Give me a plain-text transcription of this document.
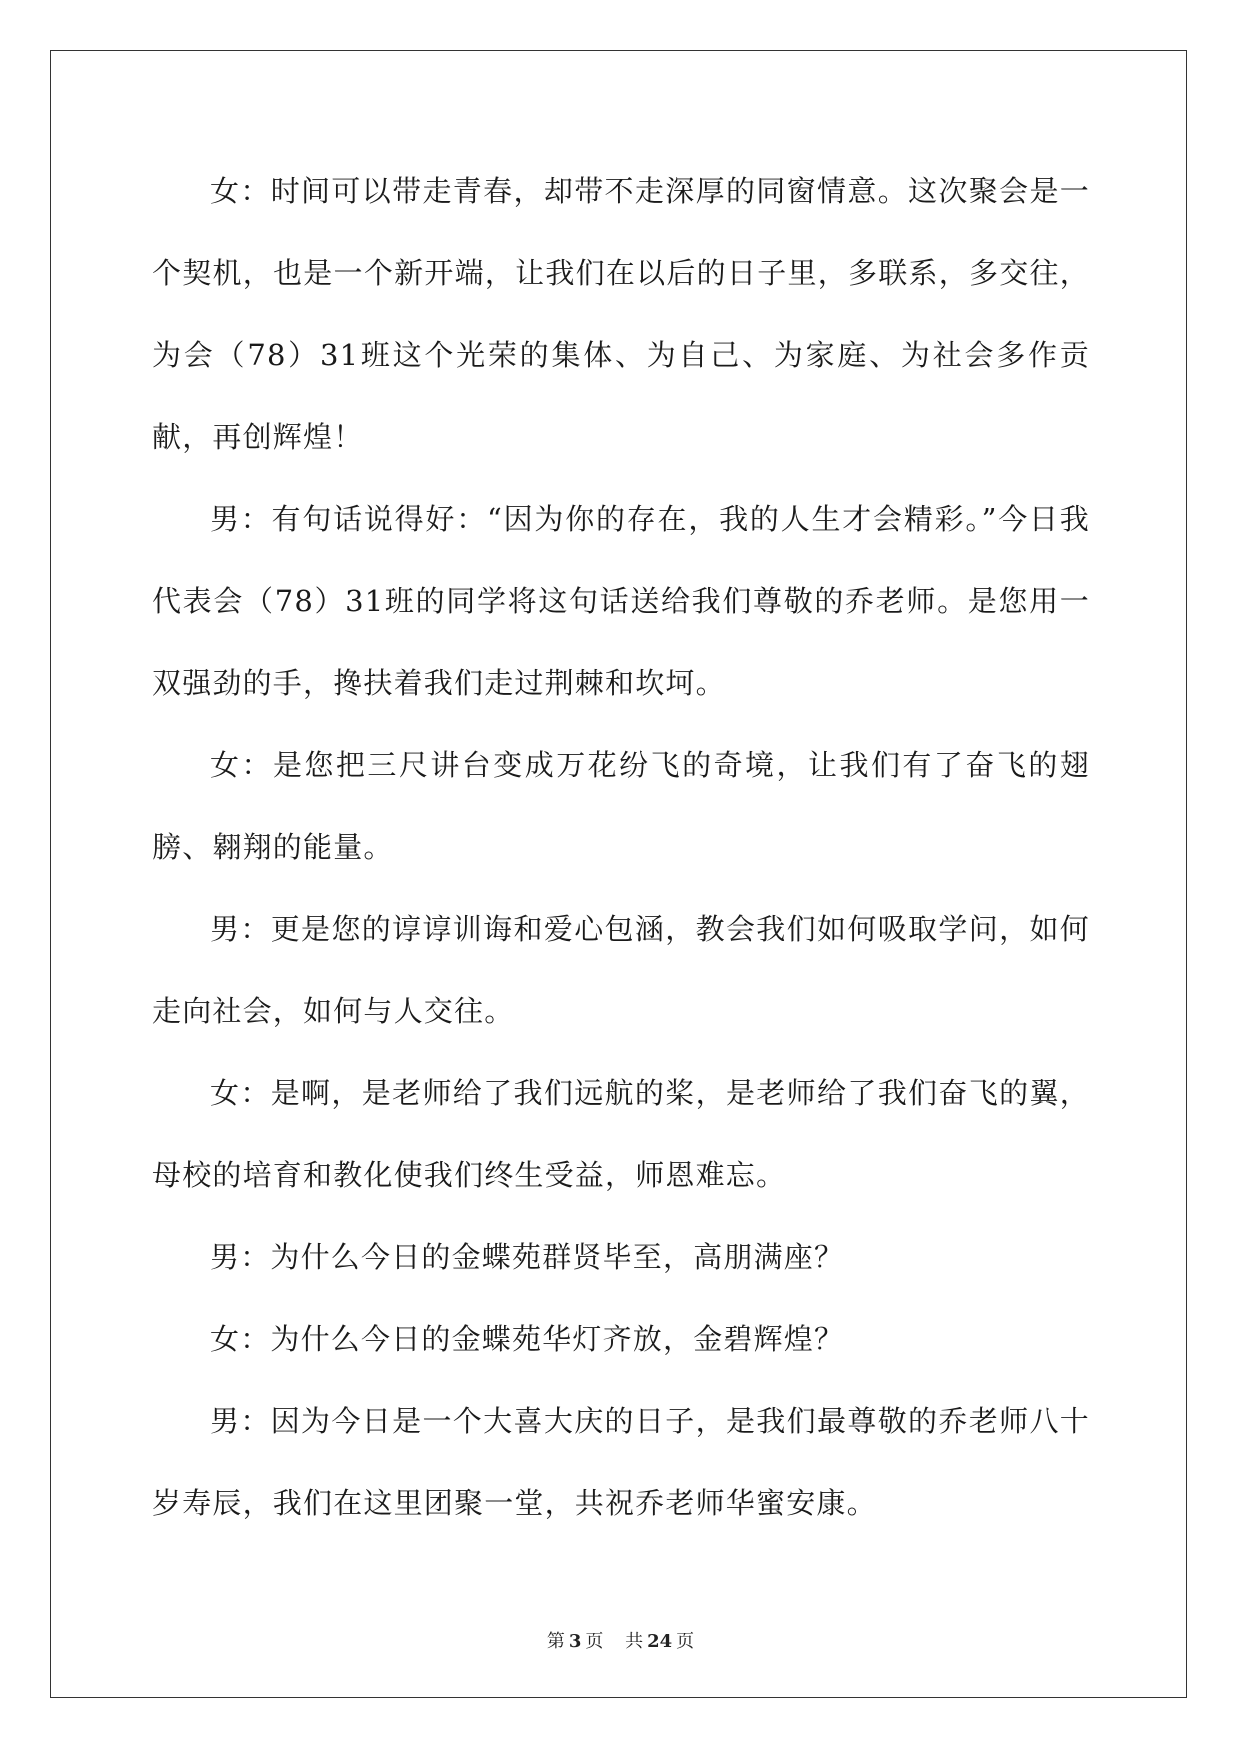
女：时间可以带走青春，却带不走深厚的同窗情意。这次聚会是一个契机，也是一个新开端，让我们在以后的日子里，多联系，多交往，为会（78）31班这个光荣的集体、为自己、为家庭、为社会多作贡献，再创辉煌！

男：有句话说得好：“因为你的存在，我的人生才会精彩。”今日我代表会（78）31班的同学将这句话送给我们尊敬的乔老师。是您用一双强劲的手，搀扶着我们走过荆棘和坎坷。

女：是您把三尺讲台变成万花纷飞的奇境，让我们有了奋飞的翅膀、翱翔的能量。

男：更是您的谆谆训诲和爱心包涵，教会我们如何吸取学问，如何走向社会，如何与人交往。

女：是啊，是老师给了我们远航的桨，是老师给了我们奋飞的翼，母校的培育和教化使我们终生受益，师恩难忘。

男：为什么今日的金蝶苑群贤毕至，高朋满座？

女：为什么今日的金蝶苑华灯齐放，金碧辉煌？

男：因为今日是一个大喜大庆的日子，是我们最尊敬的乔老师八十岁寿辰，我们在这里团聚一堂，共祝乔老师华蜜安康。

第 3 页 共 24 页
